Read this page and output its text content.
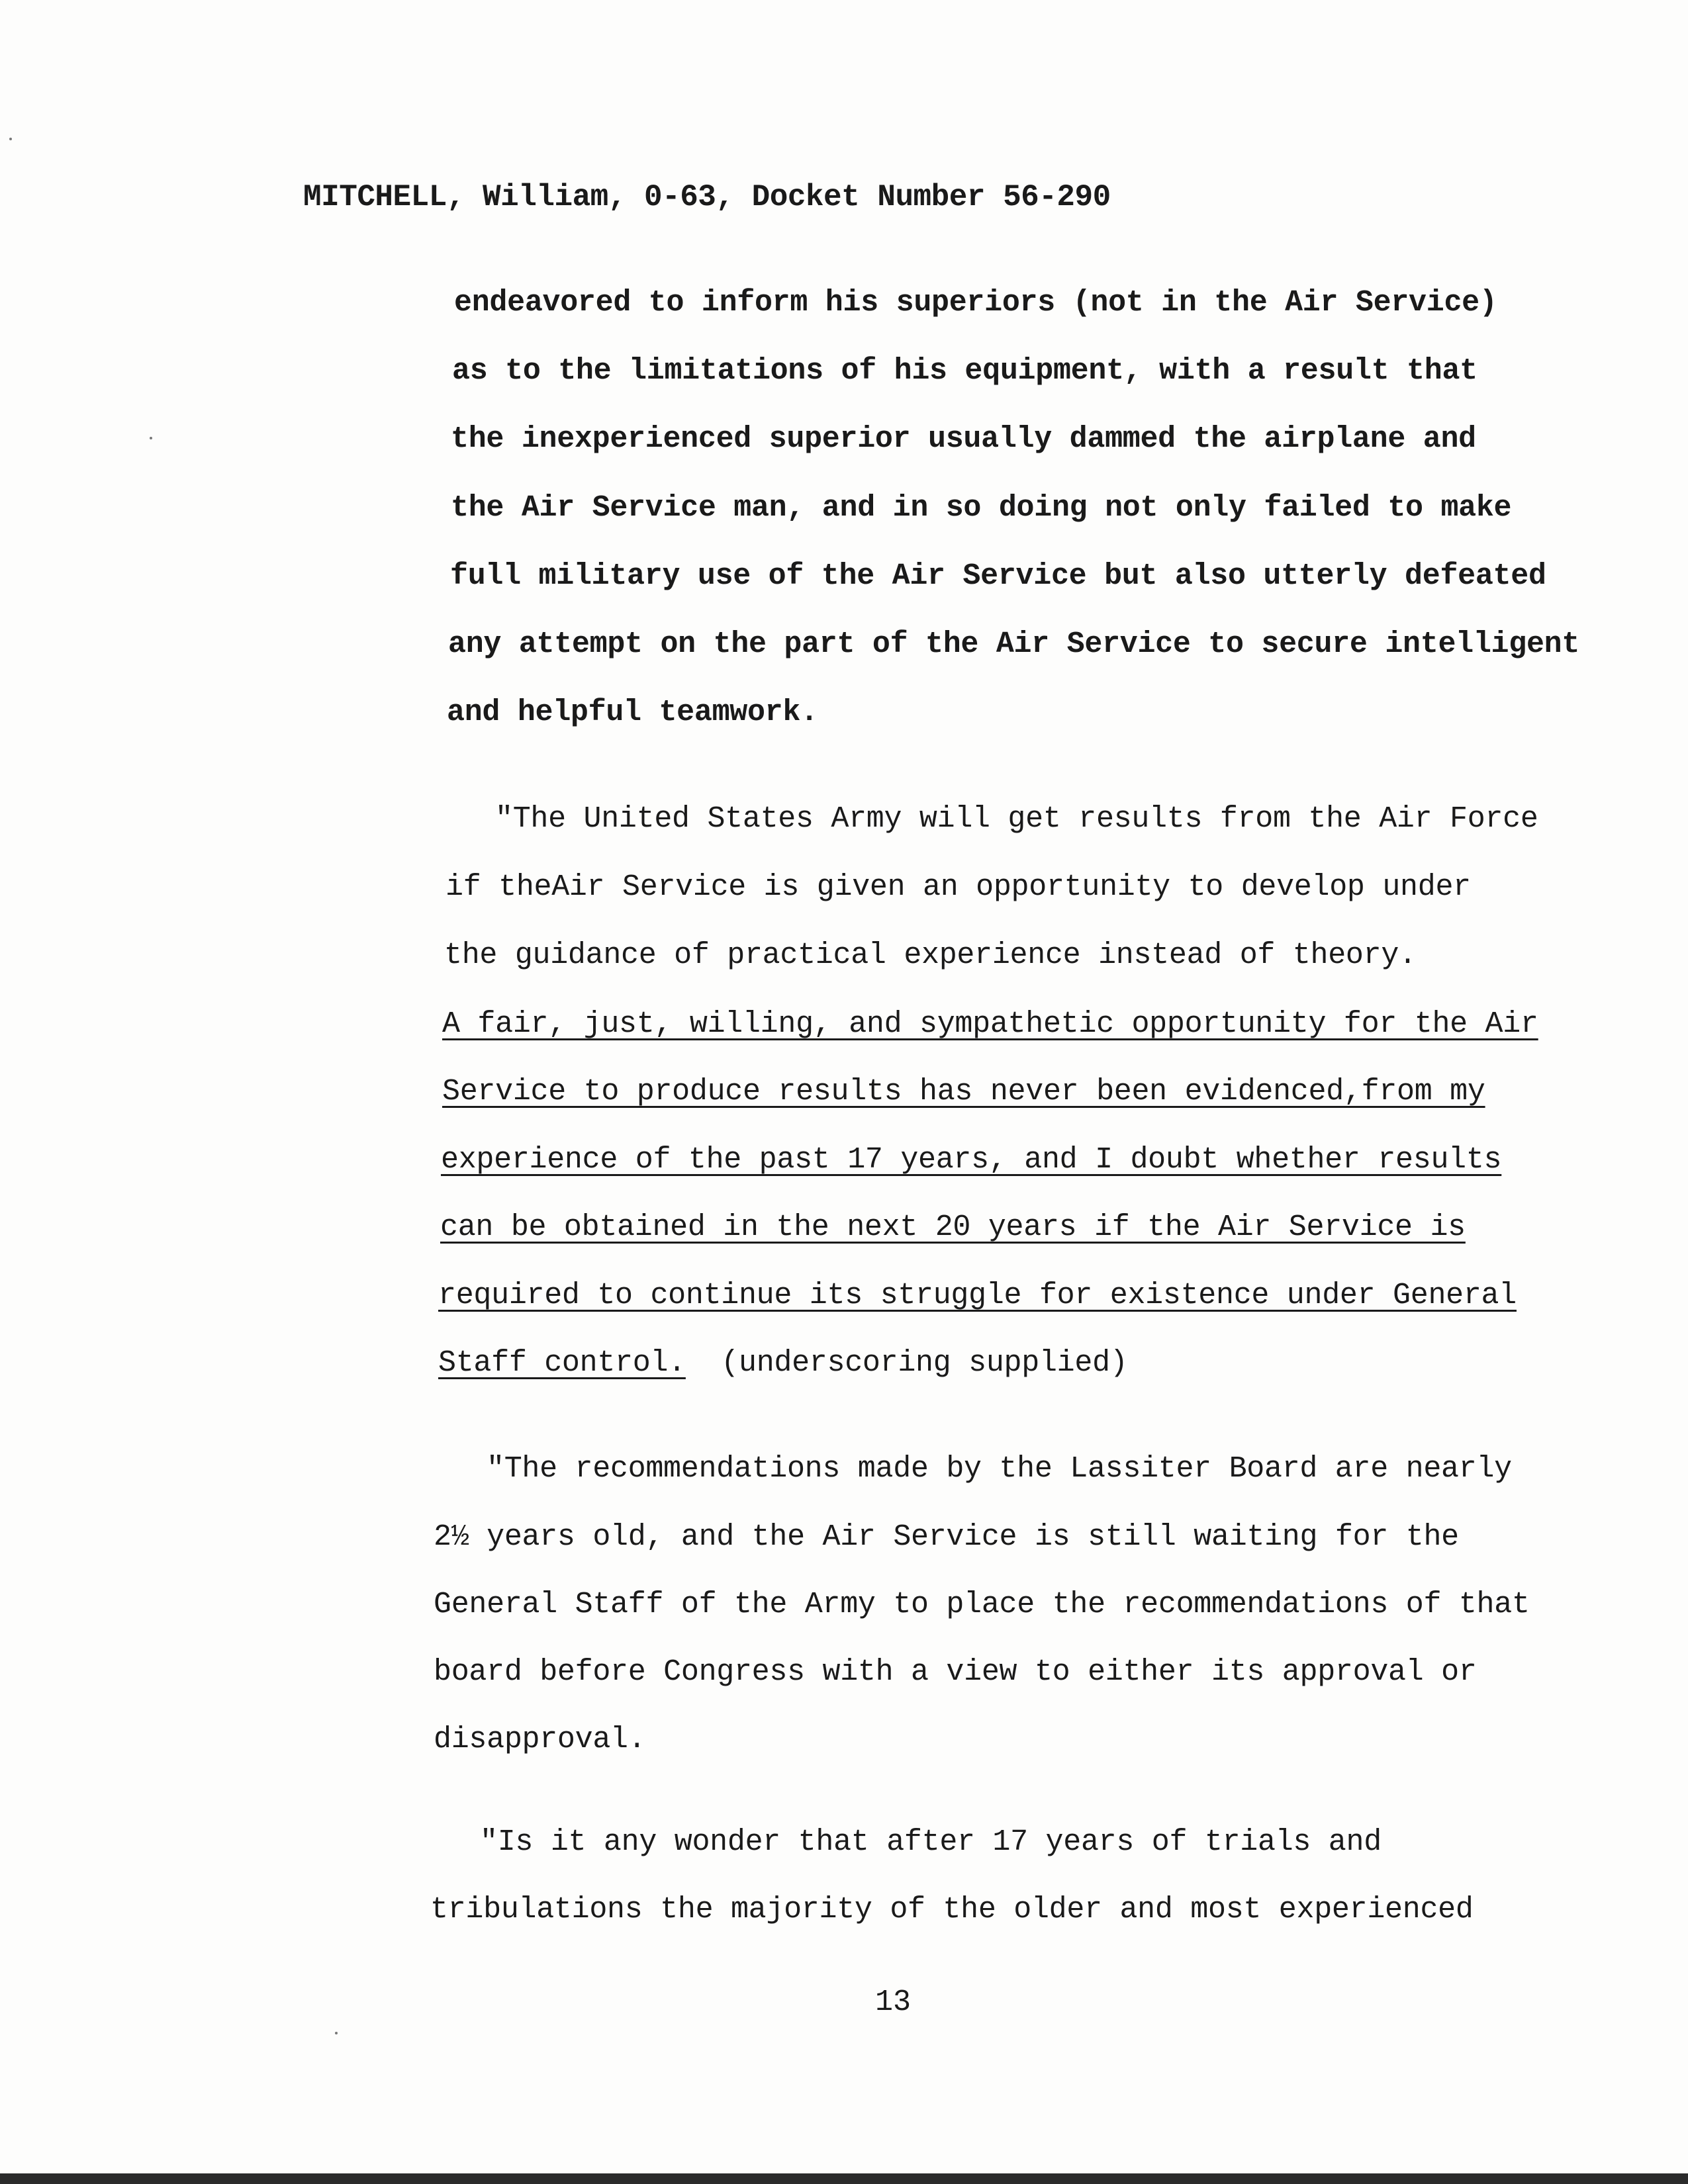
MITCHELL, William, 0-63, Docket Number 56-290
endeavored to inform his superiors (not in the Air Service)
as to the limitations of his equipment, with a result that
the inexperienced superior usually dammed the airplane and
the Air Service man, and in so doing not only failed to make
full military use of the Air Service but also utterly defeated
any attempt on the part of the Air Service to secure intelligent
and helpful teamwork.
"The United States Army will get results from the Air Force
if theAir Service is given an opportunity to develop under
the guidance of practical experience instead of theory.
A fair, just, willing, and sympathetic opportunity for the Air
Service to produce results has never been evidenced,from my
experience of the past 17 years, and I doubt whether results
can be obtained in the next 20 years if the Air Service is
required to continue its struggle for existence under General
Staff control.  (underscoring supplied)
"The recommendations made by the Lassiter Board are nearly
2½ years old, and the Air Service is still waiting for the
General Staff of the Army to place the recommendations of that
board before Congress with a view to either its approval or
disapproval.
"Is it any wonder that after 17 years of trials and
tribulations the majority of the older and most experienced
13
